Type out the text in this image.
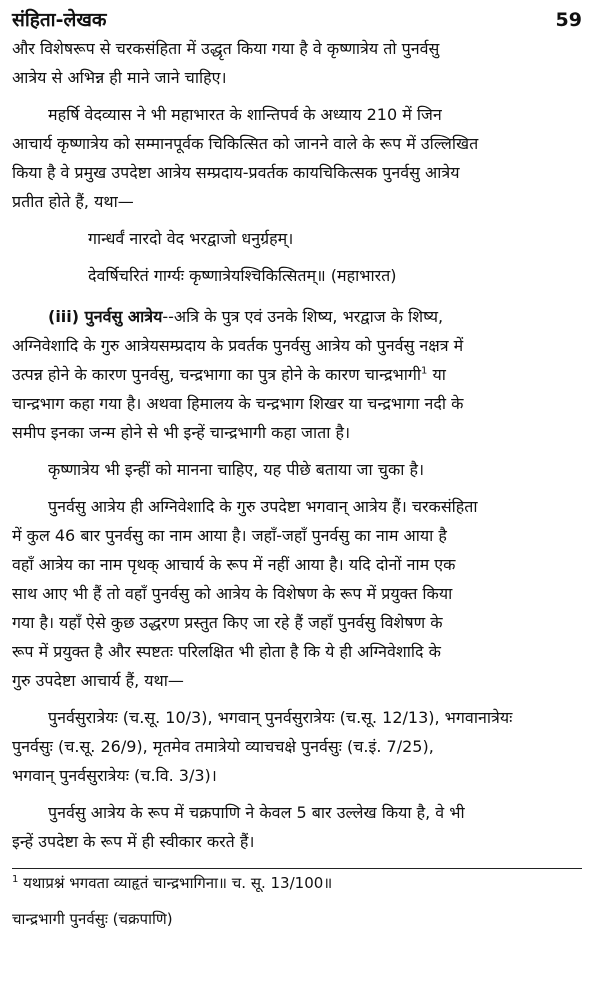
संहिता-लेखक	59
और विशेषरूप से चरकसंहिता में उद्धृत किया गया है वे कृष्णात्रेय तो पुनर्वसु
आत्रेय से अभिन्न ही माने जाने चाहिए।
महर्षि वेदव्यास ने भी महाभारत के शान्तिपर्व के अध्याय 210 में जिन
आचार्य कृष्णात्रेय को सम्मानपूर्वक चिकित्सित को जानने वाले के रूप में उल्लिखित
किया है वे प्रमुख उपदेष्टा आत्रेय सम्प्रदाय-प्रवर्तक कायचिकित्सक पुनर्वसु आत्रेय
प्रतीत होते हैं, यथा—
गान्धर्वं नारदो वेद भरद्वाजो धनुर्ग्रहम्।
देवर्षिचरितं गार्ग्यः कृष्णात्रेयश्चिकित्सितम्॥ (महाभारत)
(iii) पुनर्वसु आत्रेय--अत्रि के पुत्र एवं उनके शिष्य, भरद्वाज के शिष्य,
अग्निवेशादि के गुरु आत्रेयसम्प्रदाय के प्रवर्तक पुनर्वसु आत्रेय को पुनर्वसु नक्षत्र में
उत्पन्न होने के कारण पुनर्वसु, चन्द्रभागा का पुत्र होने के कारण चान्द्रभागी$^1$ या
चान्द्रभाग कहा गया है। अथवा हिमालय के चन्द्रभाग शिखर या चन्द्रभागा नदी के
समीप इनका जन्म होने से भी इन्हें चान्द्रभागी कहा जाता है।
कृष्णात्रेय भी इन्हीं को मानना चाहिए, यह पीछे बताया जा चुका है।
पुनर्वसु आत्रेय ही अग्निवेशादि के गुरु उपदेष्टा भगवान् आत्रेय हैं। चरकसंहिता
में कुल 46 बार पुनर्वसु का नाम आया है। जहाँ-जहाँ पुनर्वसु का नाम आया है
वहाँ आत्रेय का नाम पृथक् आचार्य के रूप में नहीं आया है। यदि दोनों नाम एक
साथ आए भी हैं तो वहाँ पुनर्वसु को आत्रेय के विशेषण के रूप में प्रयुक्त किया
गया है। यहाँ ऐसे कुछ उद्धरण प्रस्तुत किए जा रहे हैं जहाँ पुनर्वसु विशेषण के
रूप में प्रयुक्त है और स्पष्टतः परिलक्षित भी होता है कि ये ही अग्निवेशादि के
गुरु उपदेष्टा आचार्य हैं, यथा—
पुनर्वसुरात्रेयः (च.सू. 10/3), भगवान् पुनर्वसुरात्रेयः (च.सू. 12/13), भगवानात्रेयः
पुनर्वसुः (च.सू. 26/9), मृतमेव तमात्रेयो व्याचचक्षे पुनर्वसुः (च.इं. 7/25),
भगवान् पुनर्वसुरात्रेयः (च.वि. 3/3)।
पुनर्वसु आत्रेय के रूप में चक्रपाणि ने केवल 5 बार उल्लेख किया है, वे भी
इन्हें उपदेष्टा के रूप में ही स्वीकार करते हैं।
$^1$ यथाप्रश्नं भगवता व्याहृतं चान्द्रभागिना॥ च. सू. 13/100॥
चान्द्रभागी पुनर्वसुः (चक्रपाणि)
